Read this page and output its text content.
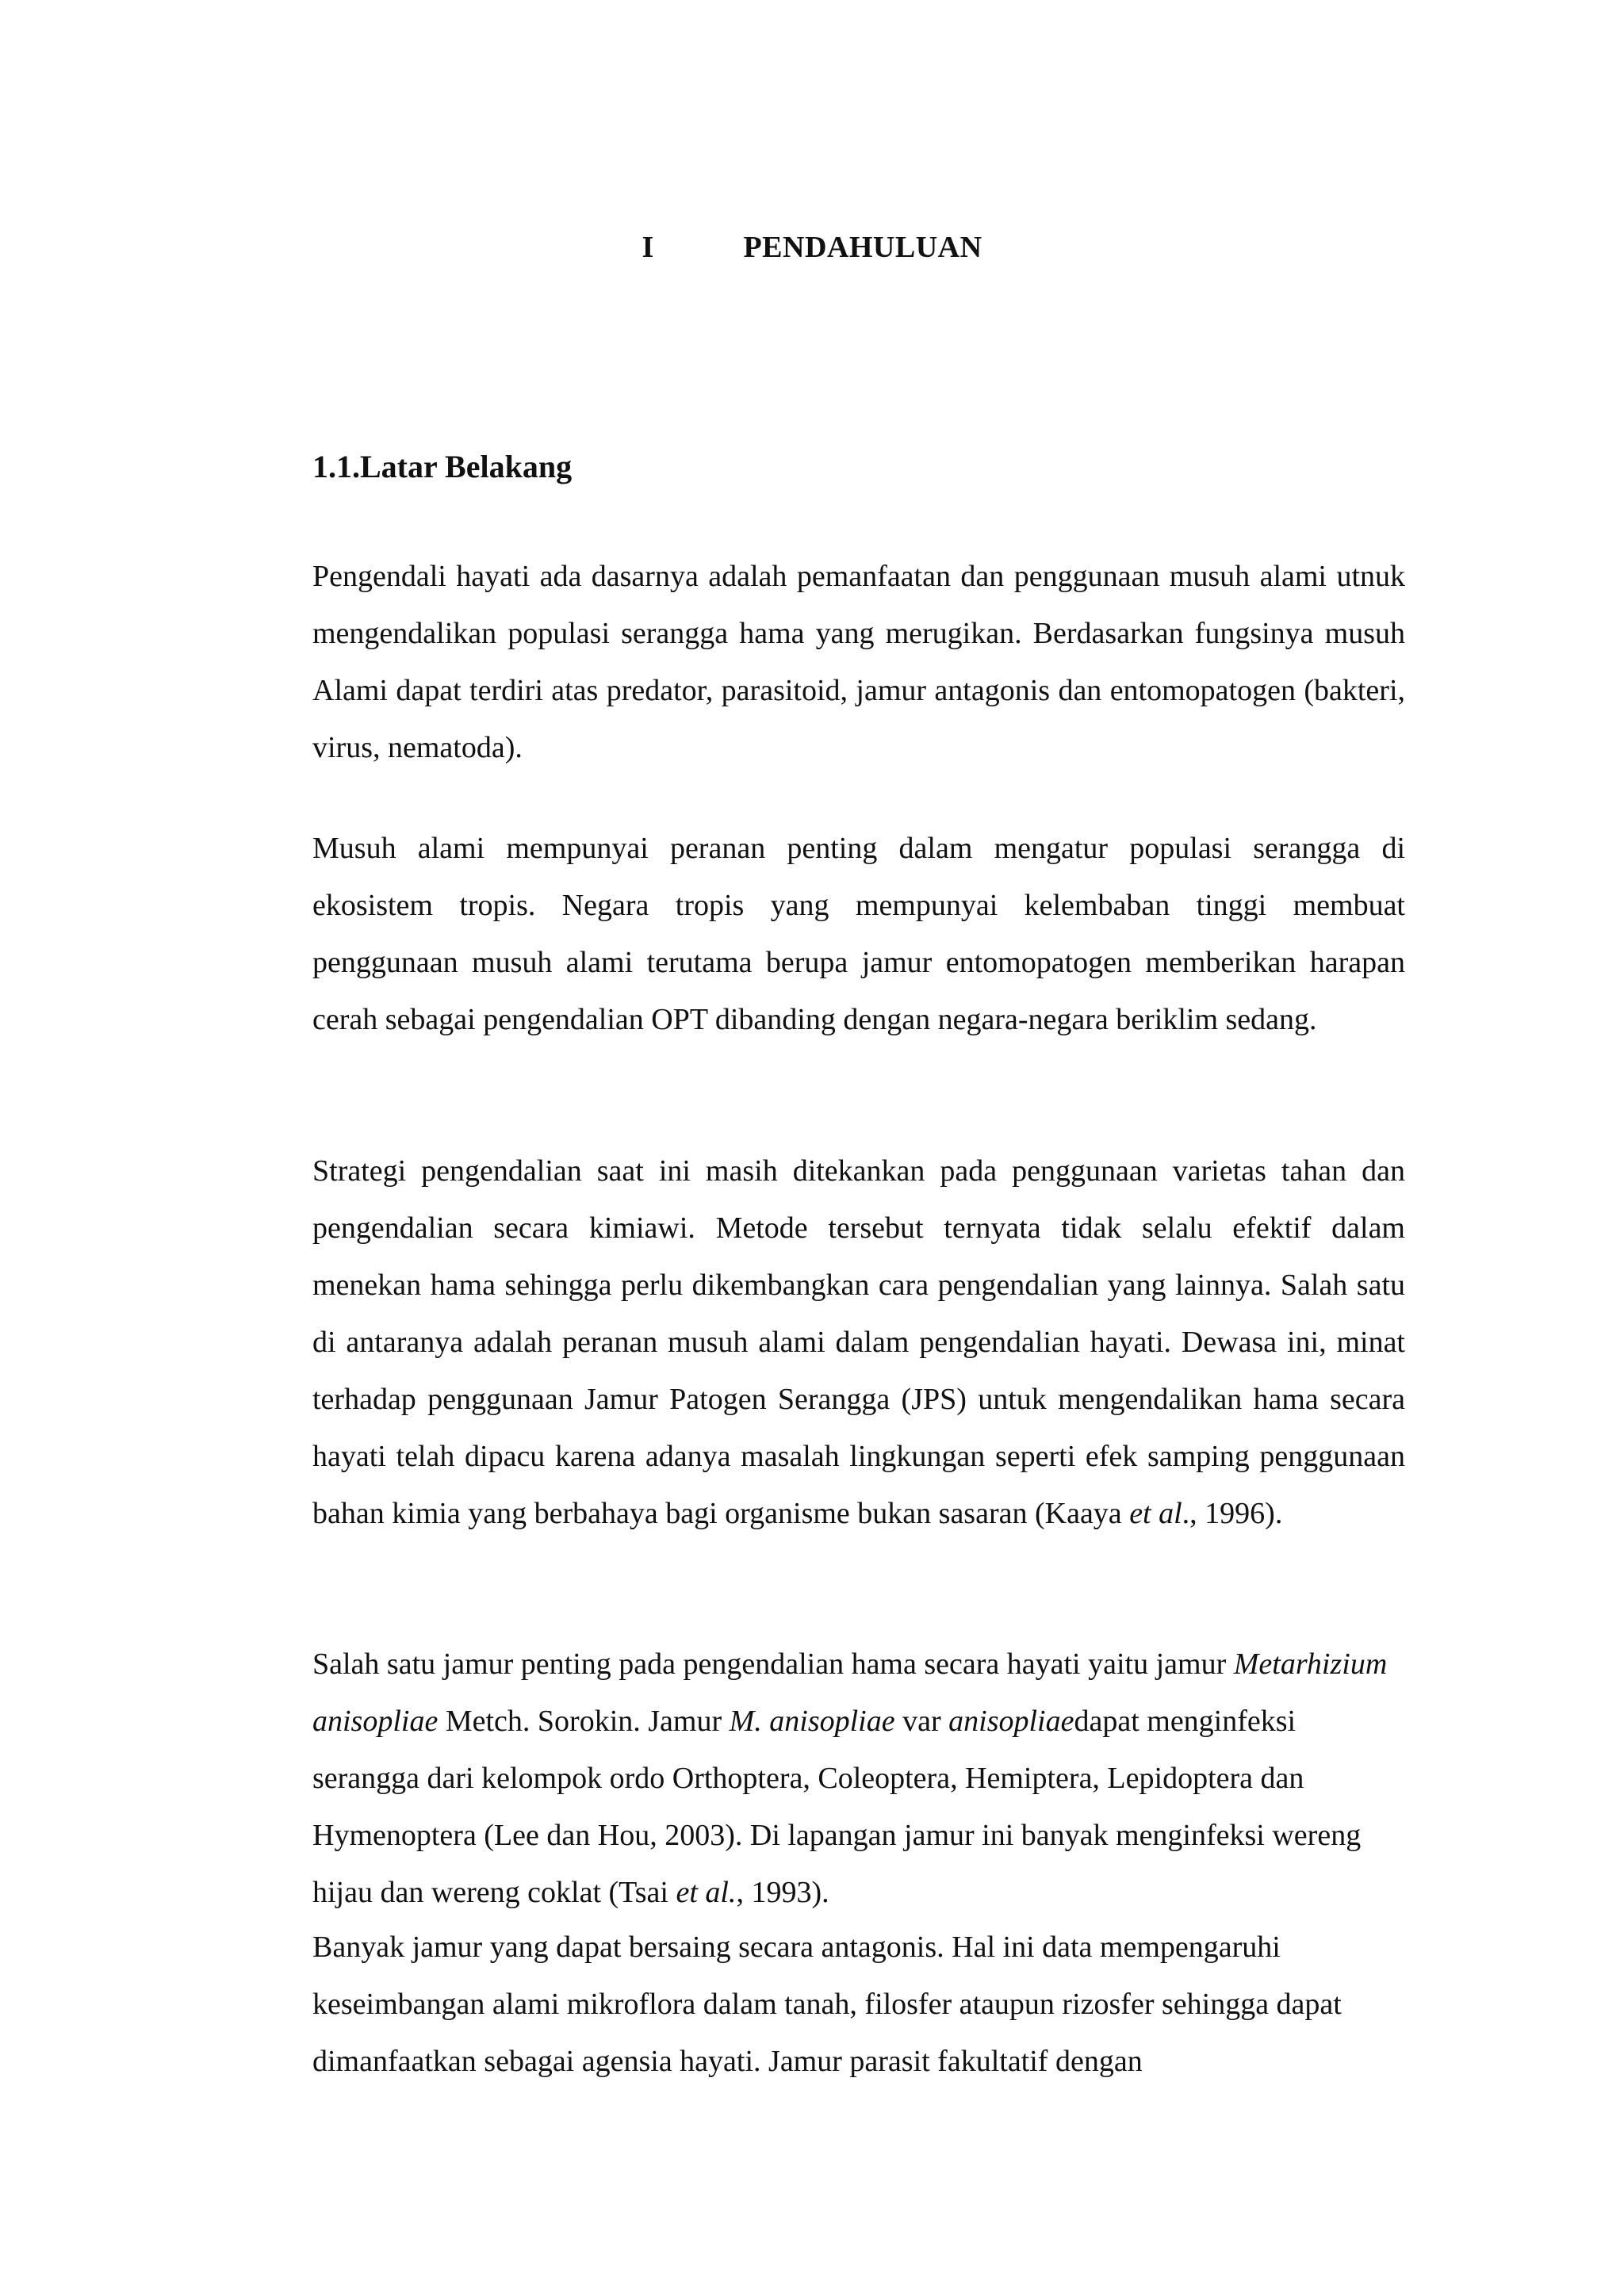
I	PENDAHULUAN
1.1.Latar Belakang

Pengendali hayati ada dasarnya adalah pemanfaatan dan penggunaan musuh alami utnuk mengendalikan populasi serangga hama yang merugikan. Berdasarkan fungsinya musuh Alami dapat terdiri atas predator, parasitoid, jamur antagonis dan entomopatogen (bakteri, virus, nematoda).

Musuh alami mempunyai peranan penting dalam mengatur populasi serangga di ekosistem tropis. Negara tropis yang mempunyai kelembaban tinggi membuat penggunaan musuh alami terutama berupa jamur entomopatogen memberikan harapan cerah sebagai pengendalian OPT dibanding dengan negara-negara beriklim sedang.

Strategi pengendalian saat ini masih ditekankan pada penggunaan varietas tahan dan pengendalian secara kimiawi. Metode tersebut ternyata tidak selalu efektif dalam menekan hama sehingga perlu dikembangkan cara pengendalian yang lainnya. Salah satu di antaranya adalah peranan musuh alami dalam pengendalian hayati. Dewasa ini, minat terhadap penggunaan Jamur Patogen Serangga (JPS) untuk mengendalikan hama secara hayati telah dipacu karena adanya masalah lingkungan seperti efek samping penggunaan bahan kimia yang berbahaya bagi organisme bukan sasaran (Kaaya et al., 1996).

Salah satu jamur penting pada pengendalian hama secara hayati yaitu jamur Metarhizium anisopliae Metch. Sorokin. Jamur M. anisopliae var anisopliaedapat menginfeksi serangga dari kelompok ordo Orthoptera, Coleoptera, Hemiptera, Lepidoptera dan Hymenoptera (Lee dan Hou, 2003). Di lapangan jamur ini banyak menginfeksi wereng hijau dan wereng coklat (Tsai et al., 1993).

Banyak jamur yang dapat bersaing secara antagonis. Hal ini data mempengaruhi keseimbangan alami mikroflora dalam tanah, filosfer ataupun rizosfer sehingga dapat dimanfaatkan sebagai agensia hayati. Jamur parasit fakultatif dengan
